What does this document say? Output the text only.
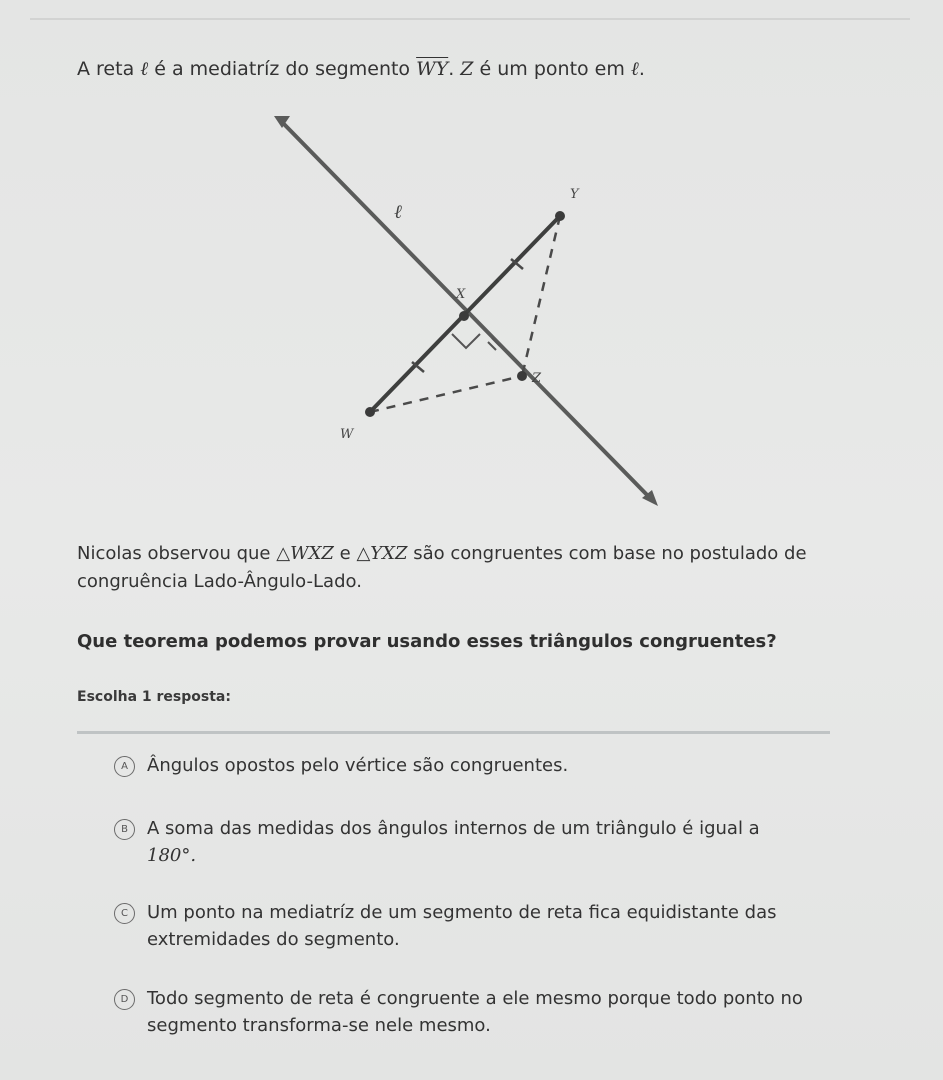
A reta ℓ é a mediatríz do segmento $\overline{WY}$. Z é um ponto em ℓ.
ℓ
Y
X
Z
W
Nicolas observou que △WXZ e △YXZ são congruentes com base no postulado de congruência Lado-Ângulo-Lado.
Que teorema podemos provar usando esses triângulos congruentes?
Escolha 1 resposta:
A	Ângulos opostos pelo vértice são congruentes.
B	A soma das medidas dos ângulos internos de um triângulo é igual a
180°.
C	Um ponto na mediatríz de um segmento de reta fica equidistante das extremidades do segmento.
D	Todo segmento de reta é congruente a ele mesmo porque todo ponto no segmento transforma-se nele mesmo.
